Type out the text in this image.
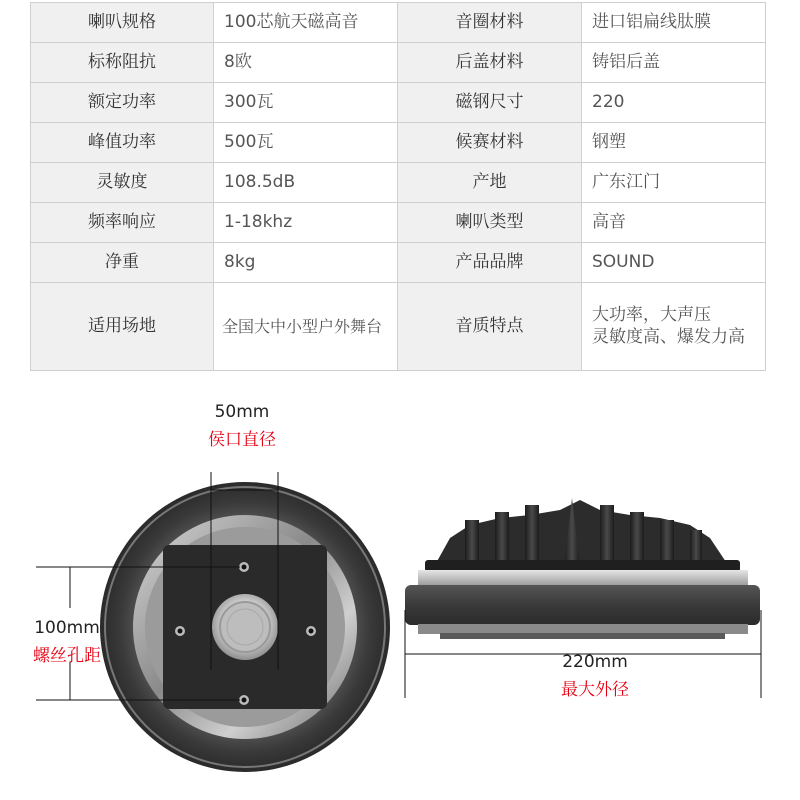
喇叭规格	100芯航天磁高音	音圈材料	进口铝扁线肽膜
标称阻抗	8欧	后盖材料	铸铝后盖
额定功率	300瓦	磁钢尺寸	220
峰值功率	500瓦	候赛材料	钢塑
灵敏度	108.5dB	产地	广东江门
频率响应	1-18khz	喇叭类型	高音
净重	8kg	产品品牌	SOUND
适用场地	全国大中小型户外舞台	音质特点	大功率，大声压
灵敏度高、爆发力高
50mm
侯口直径
100mm
螺丝孔距	220mm
最大外径
